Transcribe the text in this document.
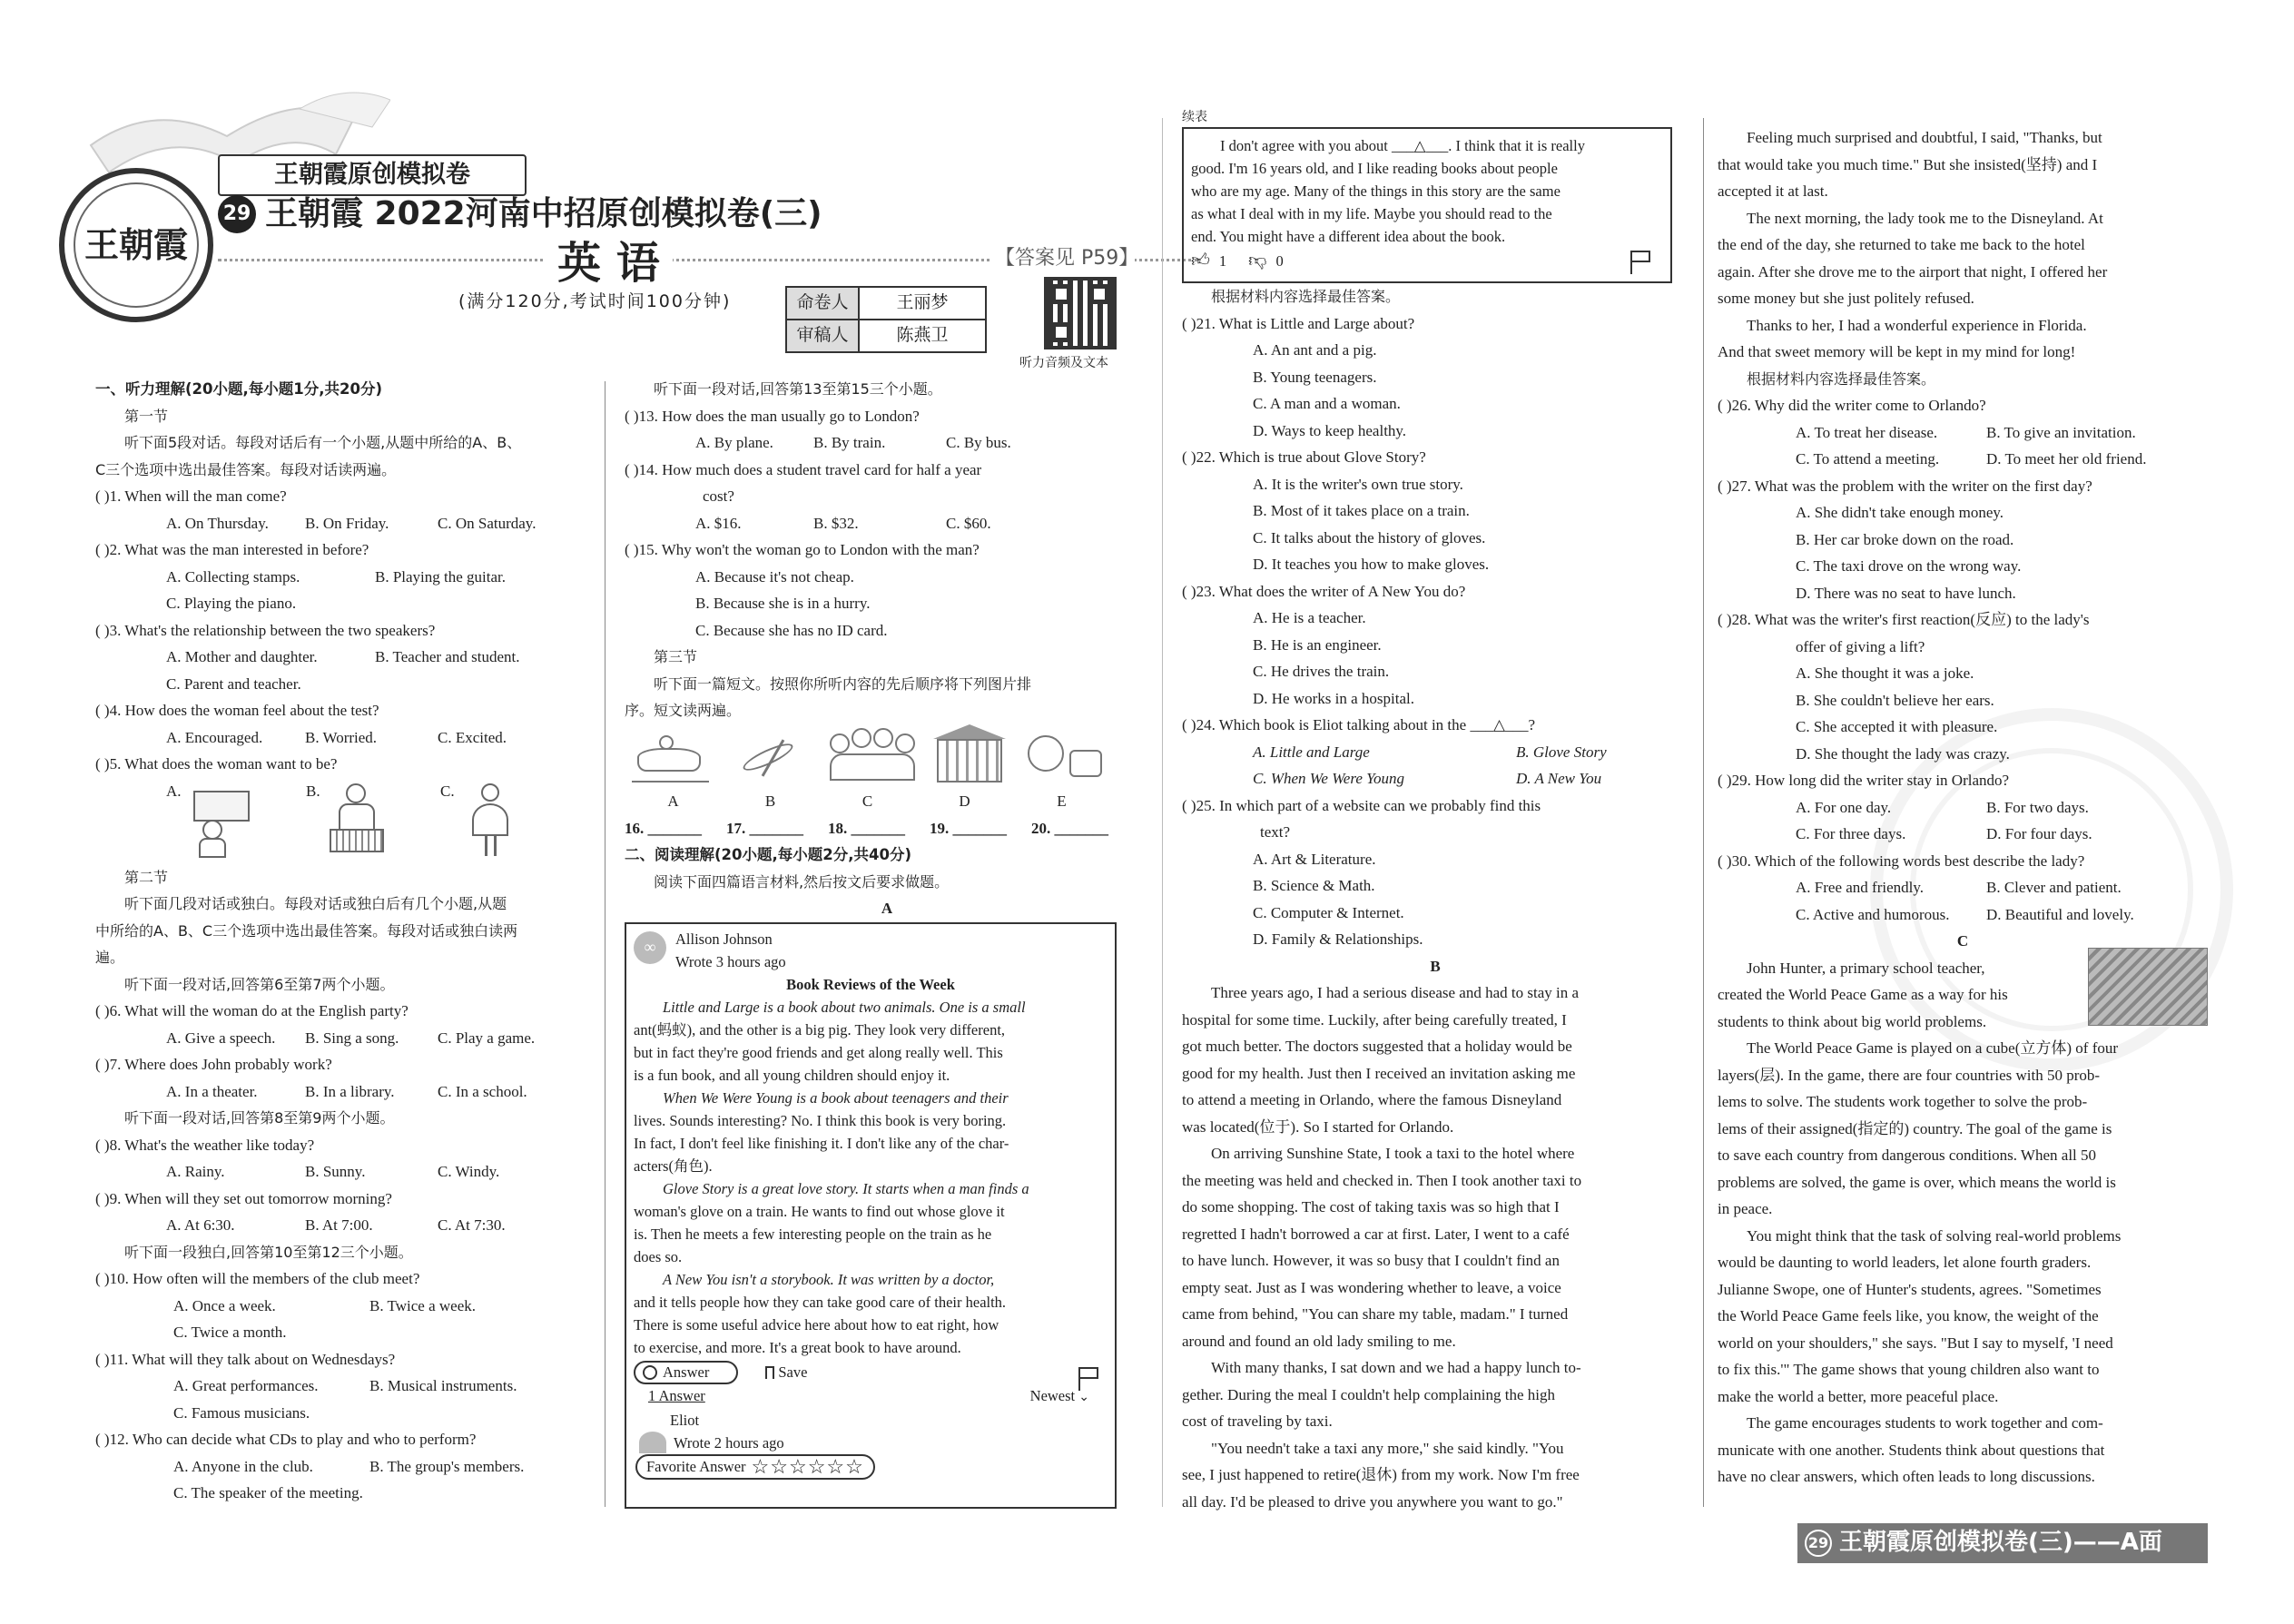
王朝霞
王朝霞原创模拟卷
29 王朝霞 2022河南中招原创模拟卷(三)
英 语	【答案见 P59】
(满分120分,考试时间100分钟)	命卷人	王丽梦
审稿人	陈燕卫
听力音频及文本
一、听力理解(20小题,每小题1分,共20分)
第一节
听下面5段对话。每段对话后有一个小题,从题中所给的A、B、
C三个选项中选出最佳答案。每段对话读两遍。
( )1. When will the man come?
A. On Thursday.	B. On Friday.	C. On Saturday.
( )2. What was the man interested in before?
A. Collecting stamps.	B. Playing the guitar.
C. Playing the piano.
( )3. What's the relationship between the two speakers?
A. Mother and daughter.	B. Teacher and student.
C. Parent and teacher.
( )4. How does the woman feel about the test?
A. Encouraged.	B. Worried.	C. Excited.
( )5. What does the woman want to be?
A.	B.	C.
第二节
听下面几段对话或独白。每段对话或独白后有几个小题,从题
中所给的A、B、C三个选项中选出最佳答案。每段对话或独白读两
遍。
听下面一段对话,回答第6至第7两个小题。
( )6. What will the woman do at the English party?
A. Give a speech.	B. Sing a song.	C. Play a game.
( )7. Where does John probably work?
A. In a theater.	B. In a library.	C. In a school.
听下面一段对话,回答第8至第9两个小题。
( )8. What's the weather like today?
A. Rainy.	B. Sunny.	C. Windy.
( )9. When will they set out tomorrow morning?
A. At 6:30.	B. At 7:00.	C. At 7:30.
听下面一段独白,回答第10至第12三个小题。
( )10. How often will the members of the club meet?
A. Once a week.	B. Twice a week.
C. Twice a month.
( )11. What will they talk about on Wednesdays?
A. Great performances.	B. Musical instruments.
C. Famous musicians.
( )12. Who can decide what CDs to play and who to perform?
A. Anyone in the club.	B. The group's members.
C. The speaker of the meeting.
听下面一段对话,回答第13至第15三个小题。
( )13. How does the man usually go to London?
A. By plane.	B. By train.	C. By bus.
( )14. How much does a student travel card for half a year
cost?
A. $16.	B. $32.	C. $60.
( )15. Why won't the woman go to London with the man?
A. Because it's not cheap.
B. Because she is in a hurry.
C. Because she has no ID card.
第三节
听下面一篇短文。按照你所听内容的先后顺序将下列图片排
序。短文读两遍。
A	B	C	D	E
16. _______	17. _______	18. _______	19. _______	20. _______
二、阅读理解(20小题,每小题2分,共40分)
阅读下面四篇语言材料,然后按文后要求做题。
A
∞	Allison Johnson
Wrote 3 hours ago
Book Reviews of the Week
Little and Large is a book about two animals. One is a small
ant(蚂蚁), and the other is a big pig. They look very different,
but in fact they're good friends and get along really well. This
is a fun book, and all young children should enjoy it.
When We Were Young is a book about teenagers and their
lives. Sounds interesting? No. I think this book is very boring.
In fact, I don't feel like finishing it. I don't like any of the char-
acters(角色).
Glove Story is a great love story. It starts when a man finds a
woman's glove on a train. He wants to find out whose glove it
is. Then he meets a few interesting people on the train as he
does so.
A New You isn't a storybook. It was written by a doctor,
and it tells people how they can take good care of their health.
There is some useful advice here about how to eat right, how
to exercise, and more. It's a great book to have around.
Answer	Save
1 Answer	Newest ⌄
Eliot
Wrote 2 hours ago
Favorite Answer ☆☆☆☆☆☆
续表
I don't agree with you about ___△___. I think that it is really
good. I'm 16 years old, and I like reading books about people
who are my age. Many of the things in this story are the same
as what I deal with in my life. Maybe you should read to the
end. You might have a different idea about the book.
👍︎ 1 👎︎ 0
根据材料内容选择最佳答案。
( )21. What is Little and Large about?
A. An ant and a pig.
B. Young teenagers.
C. A man and a woman.
D. Ways to keep healthy.
( )22. Which is true about Glove Story?
A. It is the writer's own true story.
B. Most of it takes place on a train.
C. It talks about the history of gloves.
D. It teaches you how to make gloves.
( )23. What does the writer of A New You do?
A. He is a teacher.
B. He is an engineer.
C. He drives the train.
D. He works in a hospital.
( )24. Which book is Eliot talking about in the ___△___?
A. Little and Large	B. Glove Story
C. When We Were Young	D. A New You
( )25. In which part of a website can we probably find this
text?
A. Art & Literature.
B. Science & Math.
C. Computer & Internet.
D. Family & Relationships.
B
Three years ago, I had a serious disease and had to stay in a
hospital for some time. Luckily, after being carefully treated, I
got much better. The doctors suggested that a holiday would be
good for my health. Just then I received an invitation asking me
to attend a meeting in Orlando, where the famous Disneyland
was located(位于). So I started for Orlando.
On arriving Sunshine State, I took a taxi to the hotel where
the meeting was held and checked in. Then I took another taxi to
do some shopping. The cost of taking taxis was so high that I
regretted I hadn't borrowed a car at first. Later, I went to a café
to have lunch. However, it was so busy that I couldn't find an
empty seat. Just as I was wondering whether to leave, a voice
came from behind, "You can share my table, madam." I turned
around and found an old lady smiling to me.
With many thanks, I sat down and we had a happy lunch to-
gether. During the meal I couldn't help complaining the high
cost of traveling by taxi.
"You needn't take a taxi any more," she said kindly. "You
see, I just happened to retire(退休) from my work. Now I'm free
all day. I'd be pleased to drive you anywhere you want to go."
Feeling much surprised and doubtful, I said, "Thanks, but
that would take you much time." But she insisted(坚持) and I
accepted it at last.
The next morning, the lady took me to the Disneyland. At
the end of the day, she returned to take me back to the hotel
again. After she drove me to the airport that night, I offered her
some money but she just politely refused.
Thanks to her, I had a wonderful experience in Florida.
And that sweet memory will be kept in my mind for long!
根据材料内容选择最佳答案。
( )26. Why did the writer come to Orlando?
A. To treat her disease.	B. To give an invitation.
C. To attend a meeting.	D. To meet her old friend.
( )27. What was the problem with the writer on the first day?
A. She didn't take enough money.
B. Her car broke down on the road.
C. The taxi drove on the wrong way.
D. There was no seat to have lunch.
( )28. What was the writer's first reaction(反应) to the lady's
offer of giving a lift?
A. She thought it was a joke.
B. She couldn't believe her ears.
C. She accepted it with pleasure.
D. She thought the lady was crazy.
( )29. How long did the writer stay in Orlando?
A. For one day.	B. For two days.
C. For three days.	D. For four days.
( )30. Which of the following words best describe the lady?
A. Free and friendly.	B. Clever and patient.
C. Active and humorous.	D. Beautiful and lovely.
C
John Hunter, a primary school teacher,
created the World Peace Game as a way for his
students to think about big world problems.
The World Peace Game is played on a cube(立方体) of four
layers(层). In the game, there are four countries with 50 prob-
lems to solve. The students work together to solve the prob-
lems of their assigned(指定的) country. The goal of the game is
to save each country from dangerous conditions. When all 50
problems are solved, the game is over, which means the world is
in peace.
You might think that the task of solving real-world problems
would be daunting to world leaders, let alone fourth graders.
Julianne Swope, one of Hunter's students, agrees. "Sometimes
the World Peace Game feels like, you know, the weight of the
world on your shoulders," she says. "But I say to myself, 'I need
to fix this.'" The game shows that young children also want to
make the world a better, more peaceful place.
The game encourages students to work together and com-
municate with one another. Students think about questions that
have no clear answers, which often leads to long discussions.
29 王朝霞原创模拟卷(三)——A面
